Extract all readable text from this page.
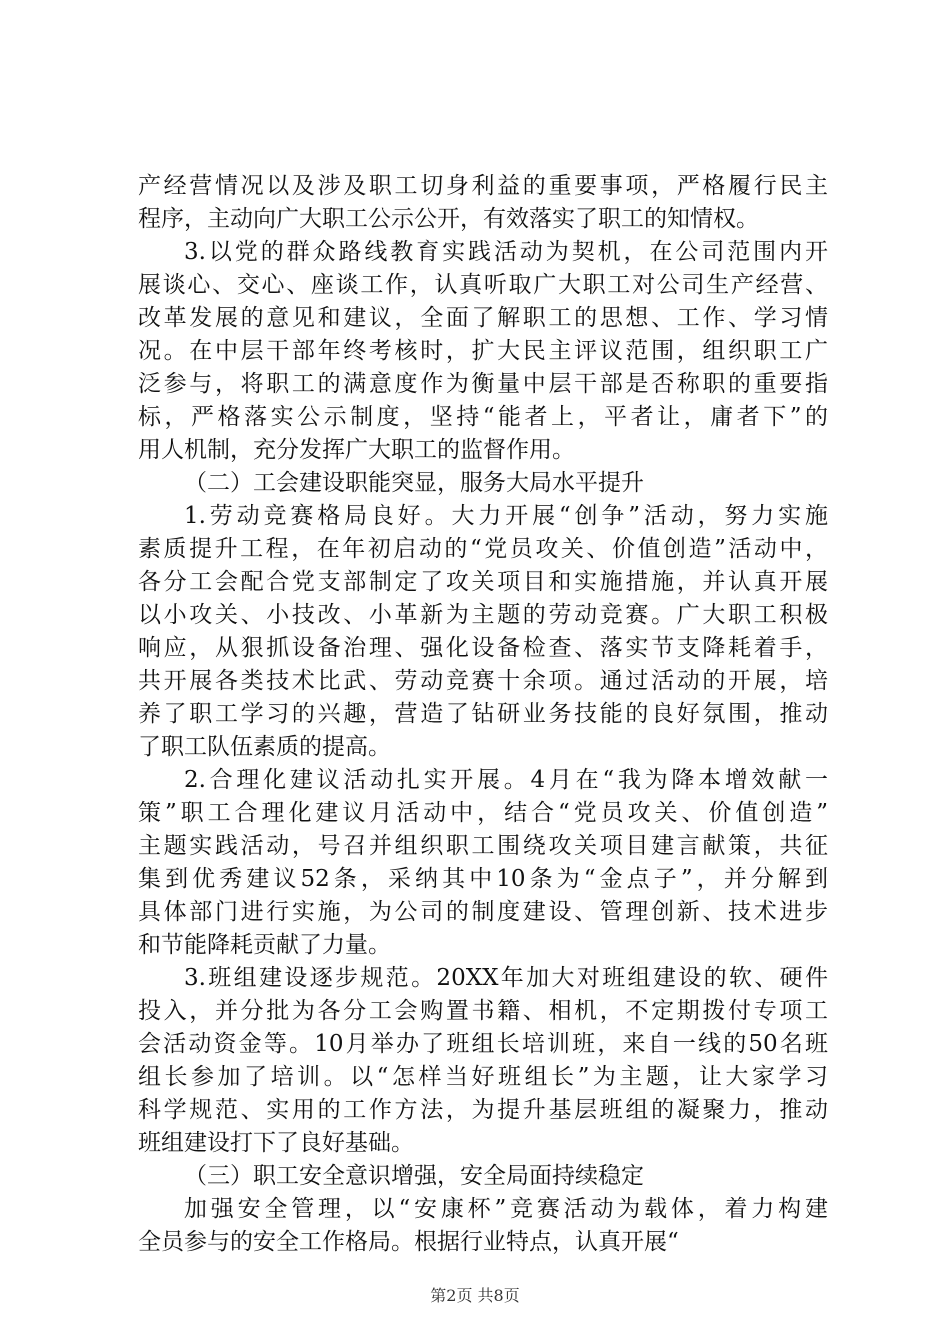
产经营情况以及涉及职工切身利益的重要事项，严格履行民主
程序，主动向广大职工公示公开，有效落实了职工的知情权。
3.以党的群众路线教育实践活动为契机，在公司范围内开
展谈心、交心、座谈工作，认真听取广大职工对公司生产经营、
改革发展的意见和建议，全面了解职工的思想、工作、学习情
况。在中层干部年终考核时，扩大民主评议范围，组织职工广
泛参与，将职工的满意度作为衡量中层干部是否称职的重要指
标，严格落实公示制度，坚持“能者上，平者让，庸者下”的
用人机制，充分发挥广大职工的监督作用。
（二）工会建设职能突显，服务大局水平提升
1.劳动竞赛格局良好。大力开展“创争”活动，努力实施
素质提升工程，在年初启动的“党员攻关、价值创造”活动中，
各分工会配合党支部制定了攻关项目和实施措施，并认真开展
以小攻关、小技改、小革新为主题的劳动竞赛。广大职工积极
响应，从狠抓设备治理、强化设备检查、落实节支降耗着手，
共开展各类技术比武、劳动竞赛十余项。通过活动的开展，培
养了职工学习的兴趣，营造了钻研业务技能的良好氛围，推动
了职工队伍素质的提高。
2.合理化建议活动扎实开展。4月在“我为降本增效献一
策”职工合理化建议月活动中，结合“党员攻关、价值创造”
主题实践活动，号召并组织职工围绕攻关项目建言献策，共征
集到优秀建议52条，采纳其中10条为“金点子”，并分解到
具体部门进行实施，为公司的制度建设、管理创新、技术进步
和节能降耗贡献了力量。
3.班组建设逐步规范。20XX年加大对班组建设的软、硬件
投入，并分批为各分工会购置书籍、相机，不定期拨付专项工
会活动资金等。10月举办了班组长培训班，来自一线的50名班
组长参加了培训。以“怎样当好班组长”为主题，让大家学习
科学规范、实用的工作方法，为提升基层班组的凝聚力，推动
班组建设打下了良好基础。
（三）职工安全意识增强，安全局面持续稳定
加强安全管理，以“安康杯”竞赛活动为载体，着力构建
全员参与的安全工作格局。根据行业特点，认真开展“
第2页 共8页
